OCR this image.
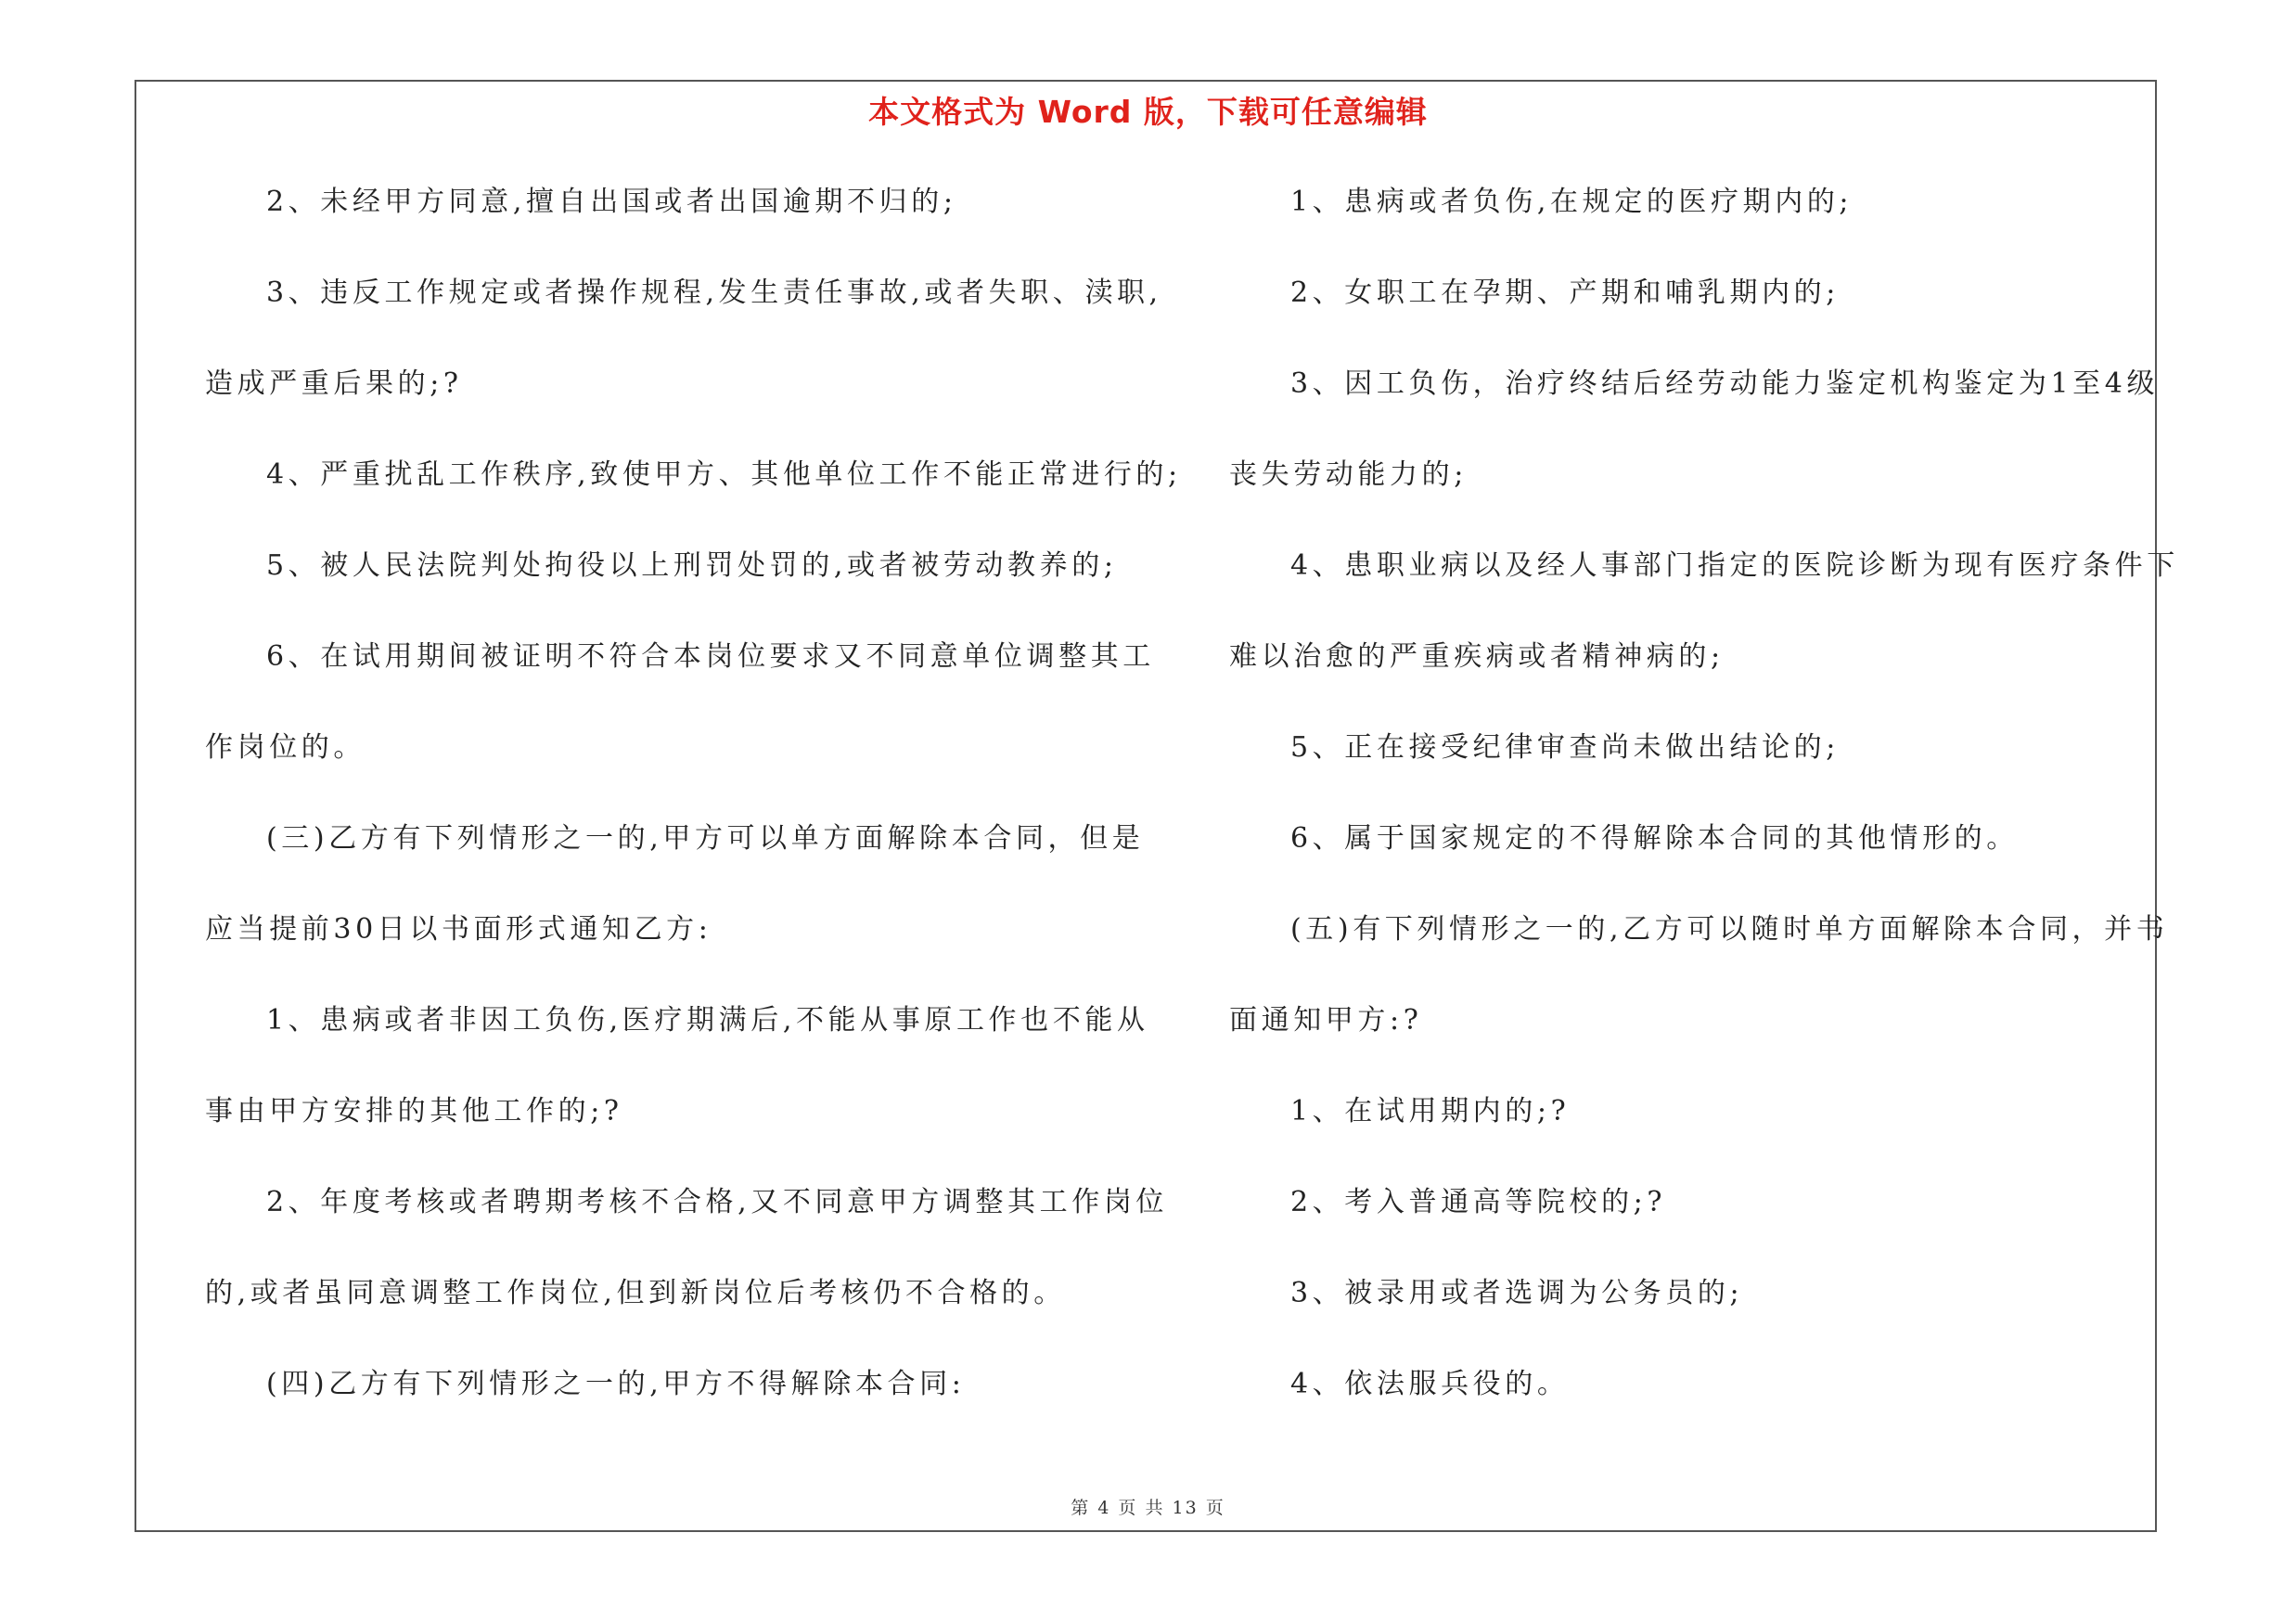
本文格式为 Word 版，下载可任意编辑
2、未经甲方同意,擅自出国或者出国逾期不归的;
3、违反工作规定或者操作规程,发生责任事故,或者失职、渎职,
造成严重后果的;?
4、严重扰乱工作秩序,致使甲方、其他单位工作不能正常进行的;
5、被人民法院判处拘役以上刑罚处罚的,或者被劳动教养的;
6、在试用期间被证明不符合本岗位要求又不同意单位调整其工
作岗位的。
(三)乙方有下列情形之一的,甲方可以单方面解除本合同，但是
应当提前30日以书面形式通知乙方:
1、患病或者非因工负伤,医疗期满后,不能从事原工作也不能从
事由甲方安排的其他工作的;?
2、年度考核或者聘期考核不合格,又不同意甲方调整其工作岗位
的,或者虽同意调整工作岗位,但到新岗位后考核仍不合格的。
(四)乙方有下列情形之一的,甲方不得解除本合同:
1、患病或者负伤,在规定的医疗期内的;
2、女职工在孕期、产期和哺乳期内的;
3、因工负伤，治疗终结后经劳动能力鉴定机构鉴定为1至4级
丧失劳动能力的;
4、患职业病以及经人事部门指定的医院诊断为现有医疗条件下
难以治愈的严重疾病或者精神病的;
5、正在接受纪律审查尚未做出结论的;
6、属于国家规定的不得解除本合同的其他情形的。
(五)有下列情形之一的,乙方可以随时单方面解除本合同，并书
面通知甲方:?
1、在试用期内的;?
2、考入普通高等院校的;?
3、被录用或者选调为公务员的;
4、依法服兵役的。
第 4 页 共 13 页
